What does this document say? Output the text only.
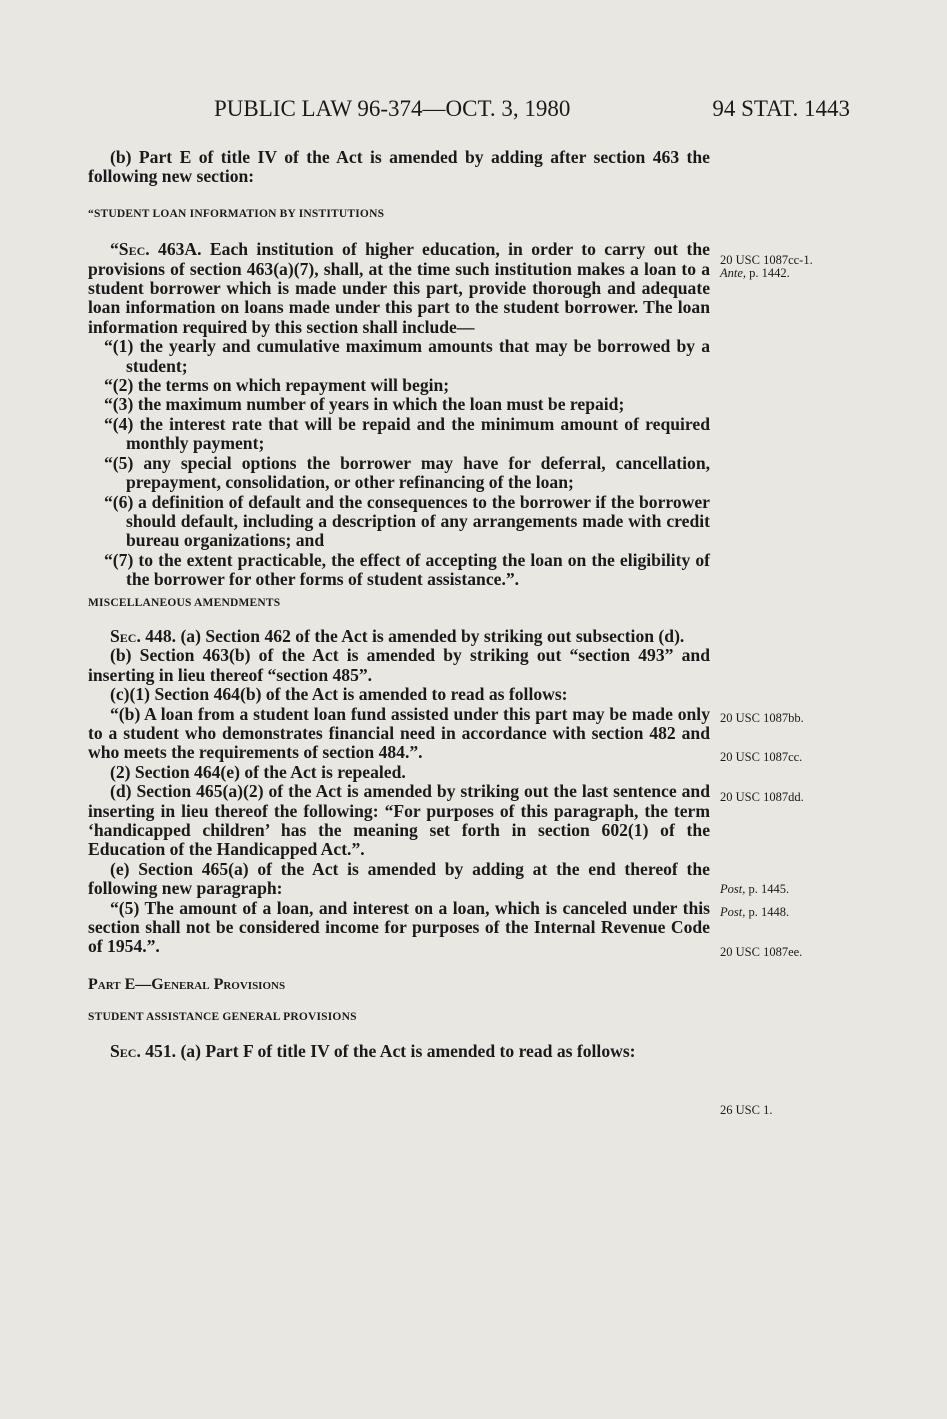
PUBLIC LAW 96-374—OCT. 3, 1980	94 STAT. 1443

(b) Part E of title IV of the Act is amended by adding after section 463 the following new section:

“STUDENT LOAN INFORMATION BY INSTITUTIONS

“Sec. 463A. Each institution of higher education, in order to carry out the provisions of section 463(a)(7), shall, at the time such institution makes a loan to a student borrower which is made under this part, provide thorough and adequate loan information on loans made under this part to the student borrower. The loan information required by this section shall include—

“(1) the yearly and cumulative maximum amounts that may be borrowed by a student;

“(2) the terms on which repayment will begin;

“(3) the maximum number of years in which the loan must be repaid;

“(4) the interest rate that will be repaid and the minimum amount of required monthly payment;

“(5) any special options the borrower may have for deferral, cancellation, prepayment, consolidation, or other refinancing of the loan;

“(6) a definition of default and the consequences to the borrower if the borrower should default, including a description of any arrangements made with credit bureau organizations; and

“(7) to the extent practicable, the effect of accepting the loan on the eligibility of the borrower for other forms of student assistance.”.

MISCELLANEOUS AMENDMENTS

Sec. 448. (a) Section 462 of the Act is amended by striking out subsection (d).

(b) Section 463(b) of the Act is amended by striking out “section 493” and inserting in lieu thereof “section 485”.

(c)(1) Section 464(b) of the Act is amended to read as follows:

“(b) A loan from a student loan fund assisted under this part may be made only to a student who demonstrates financial need in accordance with section 482 and who meets the requirements of section 484.”.

(2) Section 464(e) of the Act is repealed.

(d) Section 465(a)(2) of the Act is amended by striking out the last sentence and inserting in lieu thereof the following: “For purposes of this paragraph, the term ‘handicapped children’ has the meaning set forth in section 602(1) of the Education of the Handicapped Act.”.

(e) Section 465(a) of the Act is amended by adding at the end thereof the following new paragraph:

“(5) The amount of a loan, and interest on a loan, which is canceled under this section shall not be considered income for purposes of the Internal Revenue Code of 1954.”.

Part E—General Provisions

STUDENT ASSISTANCE GENERAL PROVISIONS

Sec. 451. (a) Part F of title IV of the Act is amended to read as follows:

20 USC 1087cc-1.
Ante, p. 1442.
20 USC 1087bb.
20 USC 1087cc.
20 USC 1087dd.
Post, p. 1445.
Post, p. 1448.
20 USC 1087ee.
26 USC 1.
